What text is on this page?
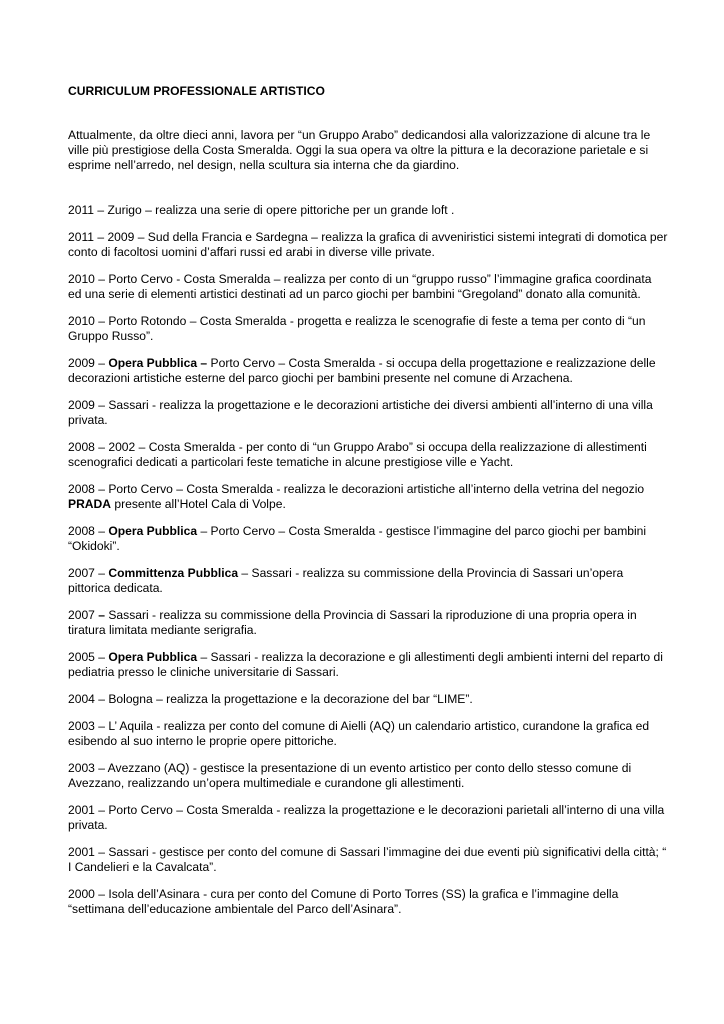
CURRICULUM PROFESSIONALE ARTISTICO

Attualmente, da oltre dieci anni, lavora per “un Gruppo Arabo” dedicandosi alla valorizzazione di alcune tra le ville più prestigiose della Costa Smeralda. Oggi la sua opera va oltre la pittura e la decorazione parietale e si esprime nell’arredo, nel design, nella scultura sia interna che da giardino.

2011 – Zurigo – realizza una serie di opere pittoriche per un grande loft .

2011 – 2009 – Sud della Francia e Sardegna – realizza la grafica di avveniristici sistemi integrati di domotica per conto di facoltosi uomini d’affari russi ed arabi in diverse ville private.

2010 – Porto Cervo - Costa Smeralda – realizza per conto di un “gruppo russo” l’immagine grafica coordinata ed una serie di elementi artistici destinati ad un parco giochi per bambini “Gregoland” donato alla comunità.

2010 – Porto Rotondo – Costa Smeralda - progetta e realizza le scenografie di feste a tema per conto di “un Gruppo Russo”.

2009 – Opera Pubblica – Porto Cervo – Costa Smeralda - si occupa della progettazione e realizzazione delle decorazioni artistiche esterne del parco giochi per bambini presente nel comune di Arzachena.

2009 – Sassari - realizza la progettazione e le decorazioni artistiche dei diversi ambienti all’interno di una villa privata.

2008 – 2002 – Costa Smeralda - per conto di “un Gruppo Arabo” si occupa della realizzazione di allestimenti scenografici dedicati a particolari feste tematiche in alcune prestigiose ville e Yacht.

2008 – Porto Cervo – Costa Smeralda - realizza le decorazioni artistiche all’interno della vetrina del negozio PRADA presente all’Hotel Cala di Volpe.

2008 – Opera Pubblica – Porto Cervo – Costa Smeralda - gestisce l’immagine del parco giochi per bambini “Okidoki”.

2007 – Committenza Pubblica – Sassari - realizza su commissione della Provincia di Sassari un’opera pittorica dedicata.

2007 – Sassari - realizza su commissione della Provincia di Sassari la riproduzione di una propria opera in tiratura limitata mediante serigrafia.

2005 – Opera Pubblica – Sassari - realizza la decorazione e gli allestimenti degli ambienti interni del reparto di pediatria presso le cliniche universitarie di Sassari.

2004 – Bologna – realizza la progettazione e la decorazione del bar “LIME”.

2003 – L’ Aquila - realizza per conto del comune di Aielli (AQ) un calendario artistico, curandone la grafica ed esibendo al suo interno le proprie opere pittoriche.

2003 – Avezzano (AQ) - gestisce la presentazione di un evento artistico per conto dello stesso comune di Avezzano, realizzando un’opera multimediale e curandone gli allestimenti.

2001 – Porto Cervo – Costa Smeralda - realizza la progettazione e le decorazioni parietali all’interno di una villa privata.

2001 – Sassari - gestisce per conto del comune di Sassari l’immagine dei due eventi più significativi della città; “ I Candelieri e la Cavalcata”.

2000 – Isola dell’Asinara - cura per conto del Comune di Porto Torres (SS) la grafica e l’immagine della “settimana dell’educazione ambientale del Parco dell’Asinara”.
